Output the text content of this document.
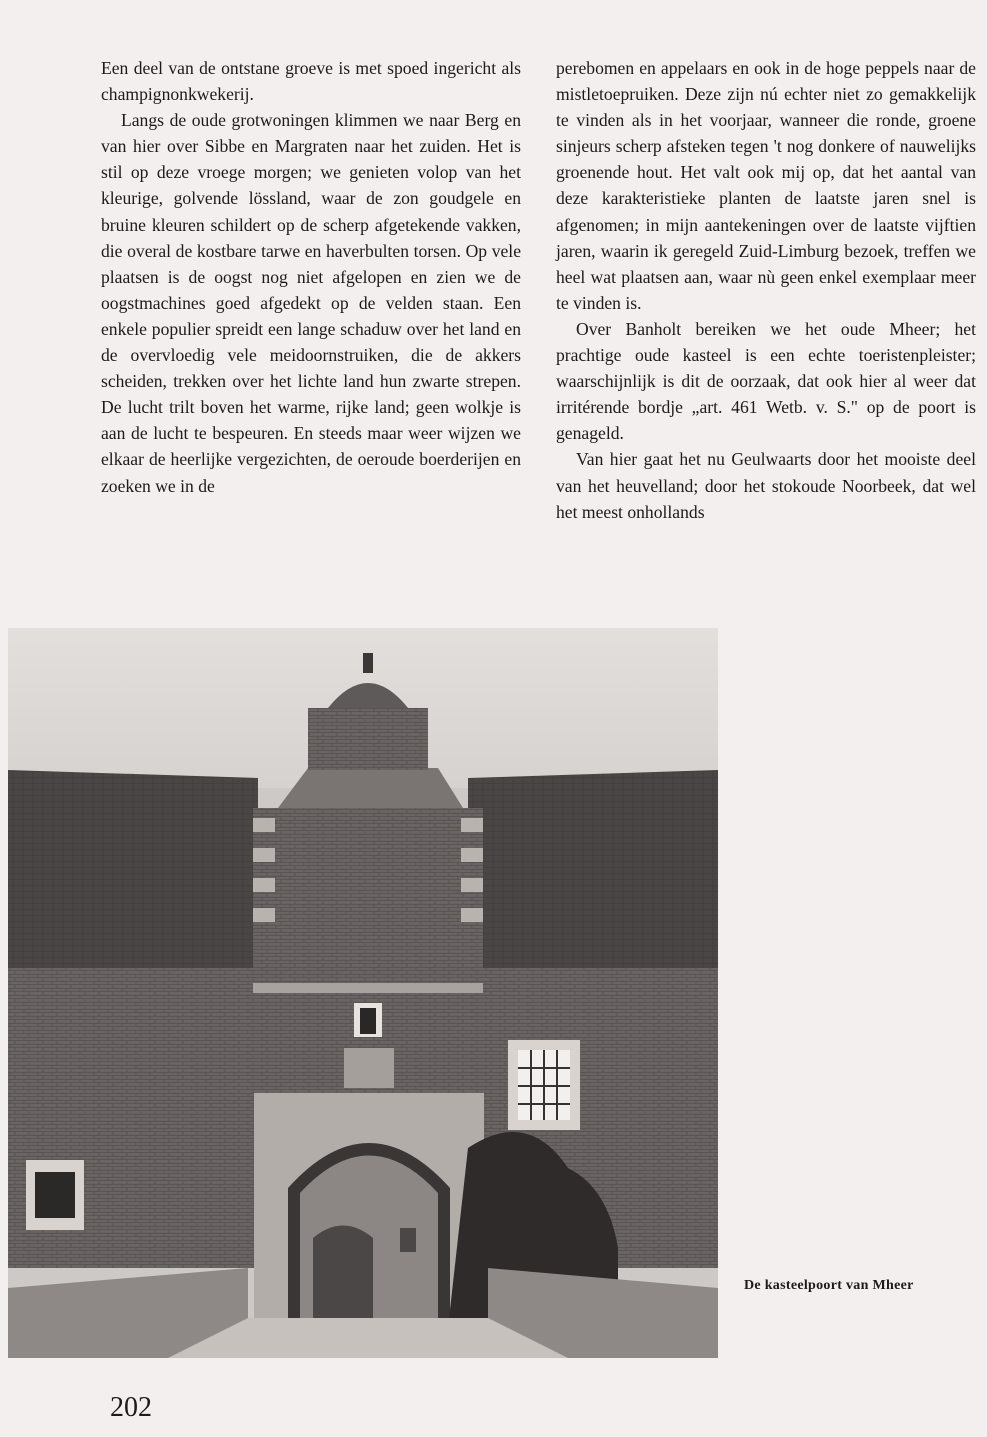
Een deel van de ontstane groeve is met spoed ingericht als champignonkwekerij.

Langs de oude grotwoningen klimmen we naar Berg en van hier over Sibbe en Margraten naar het zuiden. Het is stil op deze vroege morgen; we genieten volop van het kleurige, golvende lössland, waar de zon goudgele en bruine kleuren schildert op de scherp afgetekende vakken, die overal de kostbare tarwe en haverbulten torsen. Op vele plaatsen is de oogst nog niet afgelopen en zien we de oogstmachines goed afgedekt op de velden staan. Een enkele populier spreidt een lange schaduw over het land en de overvloedig vele meidoornstruiken, die de akkers scheiden, trekken over het lichte land hun zwarte strepen. De lucht trilt boven het warme, rijke land; geen wolkje is aan de lucht te bespeuren. En steeds maar weer wijzen we elkaar de heerlijke vergezichten, de oeroude boerderijen en zoeken we in de

perebomen en appelaars en ook in de hoge peppels naar de mistletoepruiken. Deze zijn nú echter niet zo gemakkelijk te vinden als in het voorjaar, wanneer die ronde, groene sinjeurs scherp afsteken tegen 't nog donkere of nauwelijks groenende hout. Het valt ook mij op, dat het aantal van deze karakteristieke planten de laatste jaren snel is afgenomen; in mijn aantekeningen over de laatste vijftien jaren, waarin ik geregeld Zuid-Limburg bezoek, treffen we heel wat plaatsen aan, waar nù geen enkel exemplaar meer te vinden is.

Over Banholt bereiken we het oude Mheer; het prachtige oude kasteel is een echte toeristenpleister; waarschijnlijk is dit de oorzaak, dat ook hier al weer dat irritérende bordje „art. 461 Wetb. v. S." op de poort is genageld.

Van hier gaat het nu Geulwaarts door het mooiste deel van het heuvelland; door het stokoude Noorbeek, dat wel het meest onhollands

De kasteelpoort van Mheer
202
